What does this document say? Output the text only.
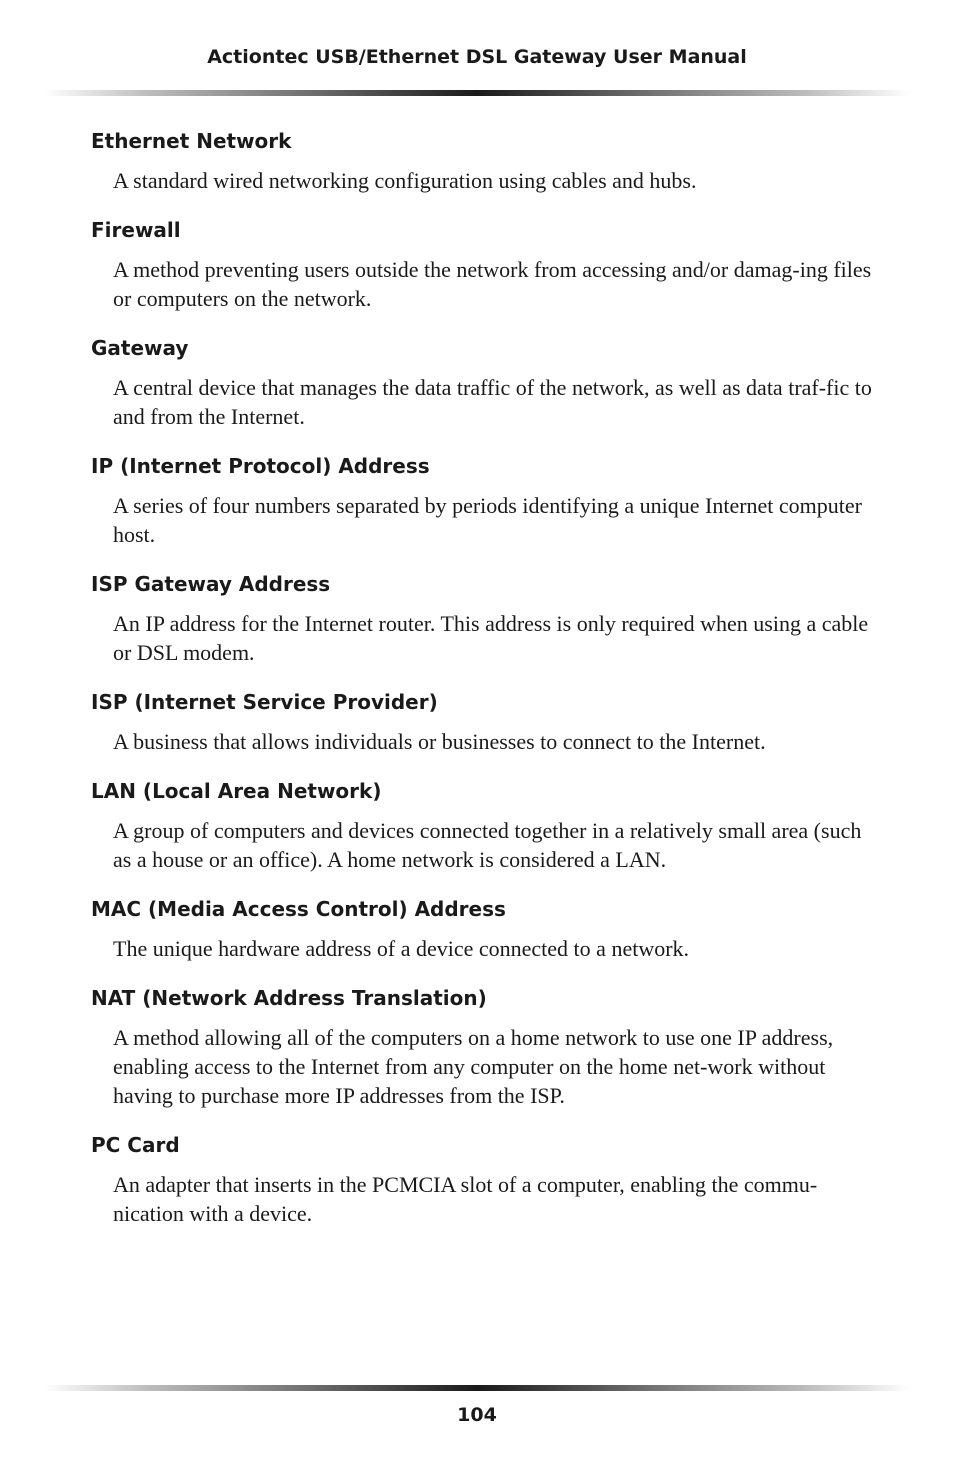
Actiontec USB/Ethernet DSL Gateway User Manual

Ethernet Network

A standard wired networking configuration using cables and hubs.

Firewall

A method preventing users outside the network from accessing and/or damag-ing files or computers on the network.

Gateway

A central device that manages the data traffic of the network, as well as data traf-fic to and from the Internet.

IP (Internet Protocol) Address

A series of four numbers separated by periods identifying a unique Internet computer host.

ISP Gateway Address

An IP address for the Internet router. This address is only required when using a cable or DSL modem.

ISP (Internet Service Provider)

A business that allows individuals or businesses to connect to the Internet.

LAN (Local Area Network)

A group of computers and devices connected together in a relatively small area (such as a house or an office). A home network is considered a LAN.

MAC (Media Access Control) Address

The unique hardware address of a device connected to a network.

NAT (Network Address Translation)

A method allowing all of the computers on a home network to use one IP address, enabling access to the Internet from any computer on the home net-work without having to purchase more IP addresses from the ISP.

PC Card

An adapter that inserts in the PCMCIA slot of a computer, enabling the commu-nication with a device.

104
